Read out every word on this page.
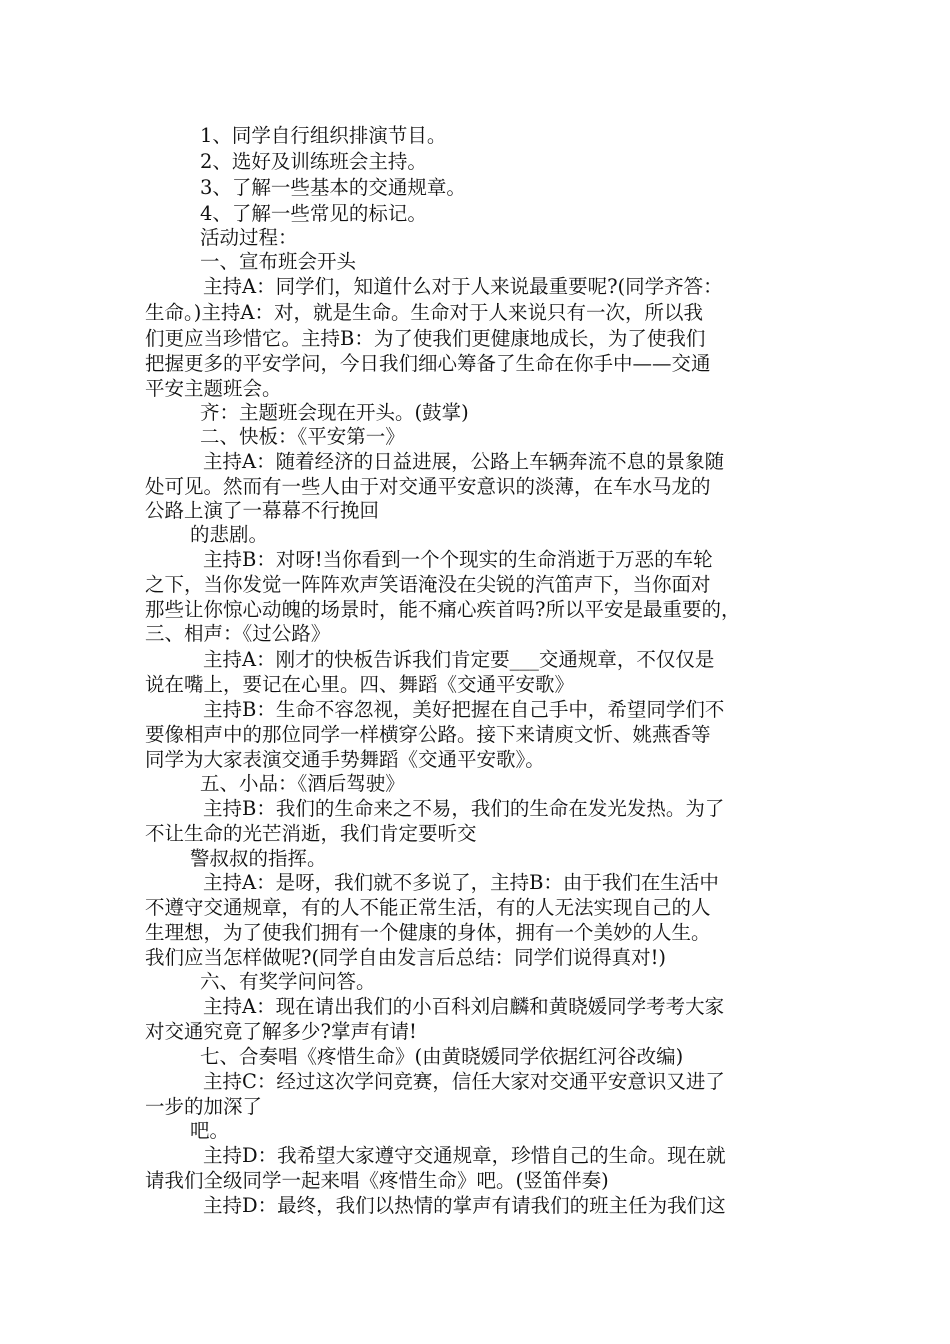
1、同学自行组织排演节目。
2、选好及训练班会主持。
3、了解一些基本的交通规章。
4、了解一些常见的标记。
活动过程：
一、宣布班会开头
主持A：同学们，知道什么对于人来说最重要呢?(同学齐答：
生命。)主持A：对，就是生命。生命对于人来说只有一次，所以我
们更应当珍惜它。主持B：为了使我们更健康地成长，为了使我们
把握更多的平安学问，今日我们细心筹备了生命在你手中——交通
平安主题班会。
齐：主题班会现在开头。(鼓掌)
二、快板：《平安第一》
主持A：随着经济的日益进展，公路上车辆奔流不息的景象随
处可见。然而有一些人由于对交通平安意识的淡薄，在车水马龙的
公路上演了一幕幕不行挽回
的悲剧。
主持B：对呀!当你看到一个个现实的生命消逝于万恶的车轮
之下，当你发觉一阵阵欢声笑语淹没在尖锐的汽笛声下，当你面对
那些让你惊心动魄的场景时，能不痛心疾首吗?所以平安是最重要的，
三、相声：《过公路》
主持A：刚才的快板告诉我们肯定要___交通规章，不仅仅是
说在嘴上，要记在心里。四、舞蹈《交通平安歌》
主持B：生命不容忽视，美好把握在自己手中，希望同学们不
要像相声中的那位同学一样横穿公路。接下来请庾文忻、姚燕香等
同学为大家表演交通手势舞蹈《交通平安歌》。
五、小品：《酒后驾驶》
主持B：我们的生命来之不易，我们的生命在发光发热。为了
不让生命的光芒消逝，我们肯定要听交
警叔叔的指挥。
主持A：是呀，我们就不多说了，主持B：由于我们在生活中
不遵守交通规章，有的人不能正常生活，有的人无法实现自己的人
生理想，为了使我们拥有一个健康的身体，拥有一个美妙的人生。
我们应当怎样做呢?(同学自由发言后总结：同学们说得真对!)
六、有奖学问问答。
主持A：现在请出我们的小百科刘启麟和黄晓媛同学考考大家
对交通究竟了解多少?掌声有请!
七、合奏唱《疼惜生命》(由黄晓媛同学依据红河谷改编)
主持C：经过这次学问竞赛，信任大家对交通平安意识又进了
一步的加深了
吧。
主持D：我希望大家遵守交通规章，珍惜自己的生命。现在就
请我们全级同学一起来唱《疼惜生命》吧。(竖笛伴奏)
主持D：最终，我们以热情的掌声有请我们的班主任为我们这
